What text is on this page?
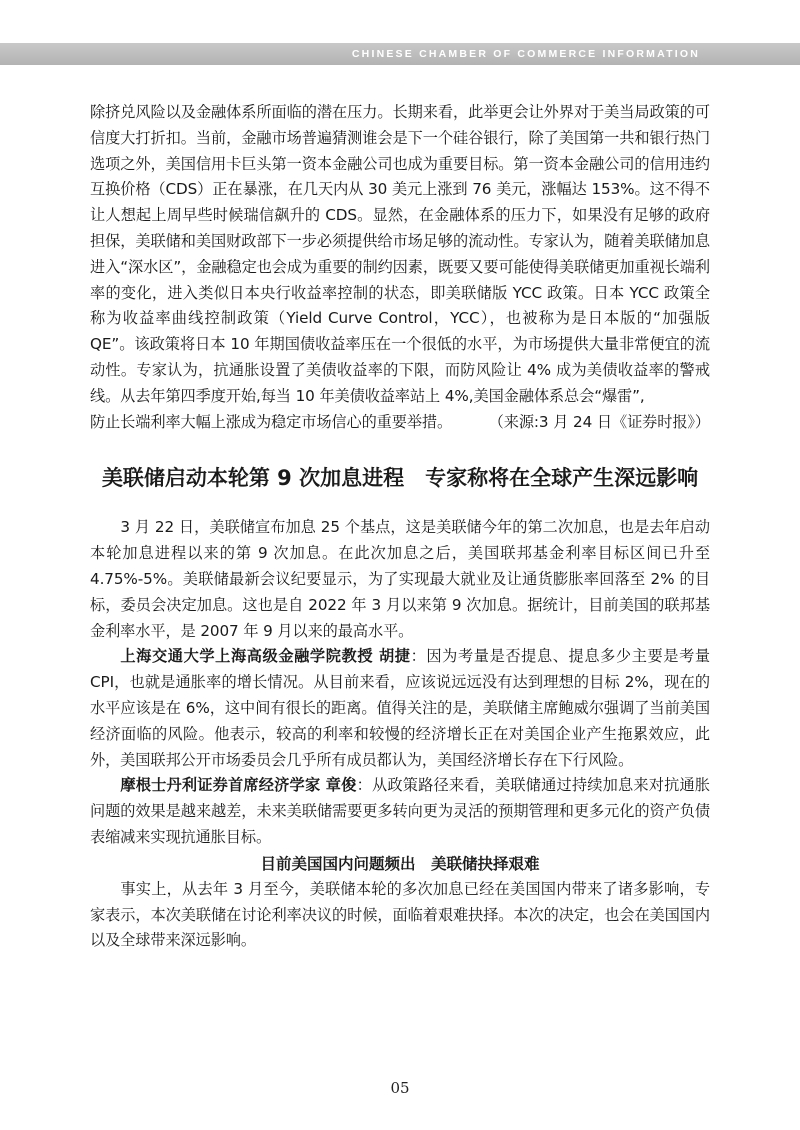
CHINESE CHAMBER OF COMMERCE INFORMATION

除挤兑风险以及金融体系所面临的潜在压力。长期来看，此举更会让外界对于美当局政策的可信度大打折扣。当前，金融市场普遍猜测谁会是下一个硅谷银行，除了美国第一共和银行热门选项之外，美国信用卡巨头第一资本金融公司也成为重要目标。第一资本金融公司的信用违约互换价格（CDS）正在暴涨，在几天内从 30 美元上涨到 76 美元，涨幅达 153%。这不得不让人想起上周早些时候瑞信飙升的 CDS。显然，在金融体系的压力下，如果没有足够的政府担保，美联储和美国财政部下一步必须提供给市场足够的流动性。专家认为，随着美联储加息进入“深水区”，金融稳定也会成为重要的制约因素，既要又要可能使得美联储更加重视长端利率的变化，进入类似日本央行收益率控制的状态，即美联储版 YCC 政策。日本 YCC 政策全称为收益率曲线控制政策（Yield Curve Control，YCC），也被称为是日本版的“加强版 QE”。该政策将日本 10 年期国债收益率压在一个很低的水平，为市场提供大量非常便宜的流动性。专家认为，抗通胀设置了美债收益率的下限，而防风险让 4% 成为美债收益率的警戒线。从去年第四季度开始,每当 10 年美债收益率站上 4%,美国金融体系总会“爆雷”,

防止长端利率大幅上涨成为稳定市场信心的重要举措。 （来源:3 月 24 日《证券时报》）
美联储启动本轮第 9 次加息进程 专家称将在全球产生深远影响

3 月 22 日，美联储宣布加息 25 个基点，这是美联储今年的第二次加息，也是去年启动本轮加息进程以来的第 9 次加息。在此次加息之后，美国联邦基金利率目标区间已升至 4.75%-5%。美联储最新会议纪要显示，为了实现最大就业及让通货膨胀率回落至 2% 的目标，委员会决定加息。这也是自 2022 年 3 月以来第 9 次加息。据统计，目前美国的联邦基金利率水平，是 2007 年 9 月以来的最高水平。

上海交通大学上海高级金融学院教授 胡捷：因为考量是否提息、提息多少主要是考量 CPI，也就是通胀率的增长情况。从目前来看，应该说远远没有达到理想的目标 2%，现在的水平应该是在 6%，这中间有很长的距离。值得关注的是，美联储主席鲍威尔强调了当前美国经济面临的风险。他表示，较高的利率和较慢的经济增长正在对美国企业产生拖累效应，此外，美国联邦公开市场委员会几乎所有成员都认为，美国经济增长存在下行风险。

摩根士丹利证券首席经济学家 章俊：从政策路径来看，美联储通过持续加息来对抗通胀问题的效果是越来越差，未来美联储需要更多转向更为灵活的预期管理和更多元化的资产负债表缩减来实现抗通胀目标。

目前美国国内问题频出 美联储抉择艰难

事实上，从去年 3 月至今，美联储本轮的多次加息已经在美国国内带来了诸多影响，专家表示，本次美联储在讨论利率决议的时候，面临着艰难抉择。本次的决定，也会在美国国内以及全球带来深远影响。

05
